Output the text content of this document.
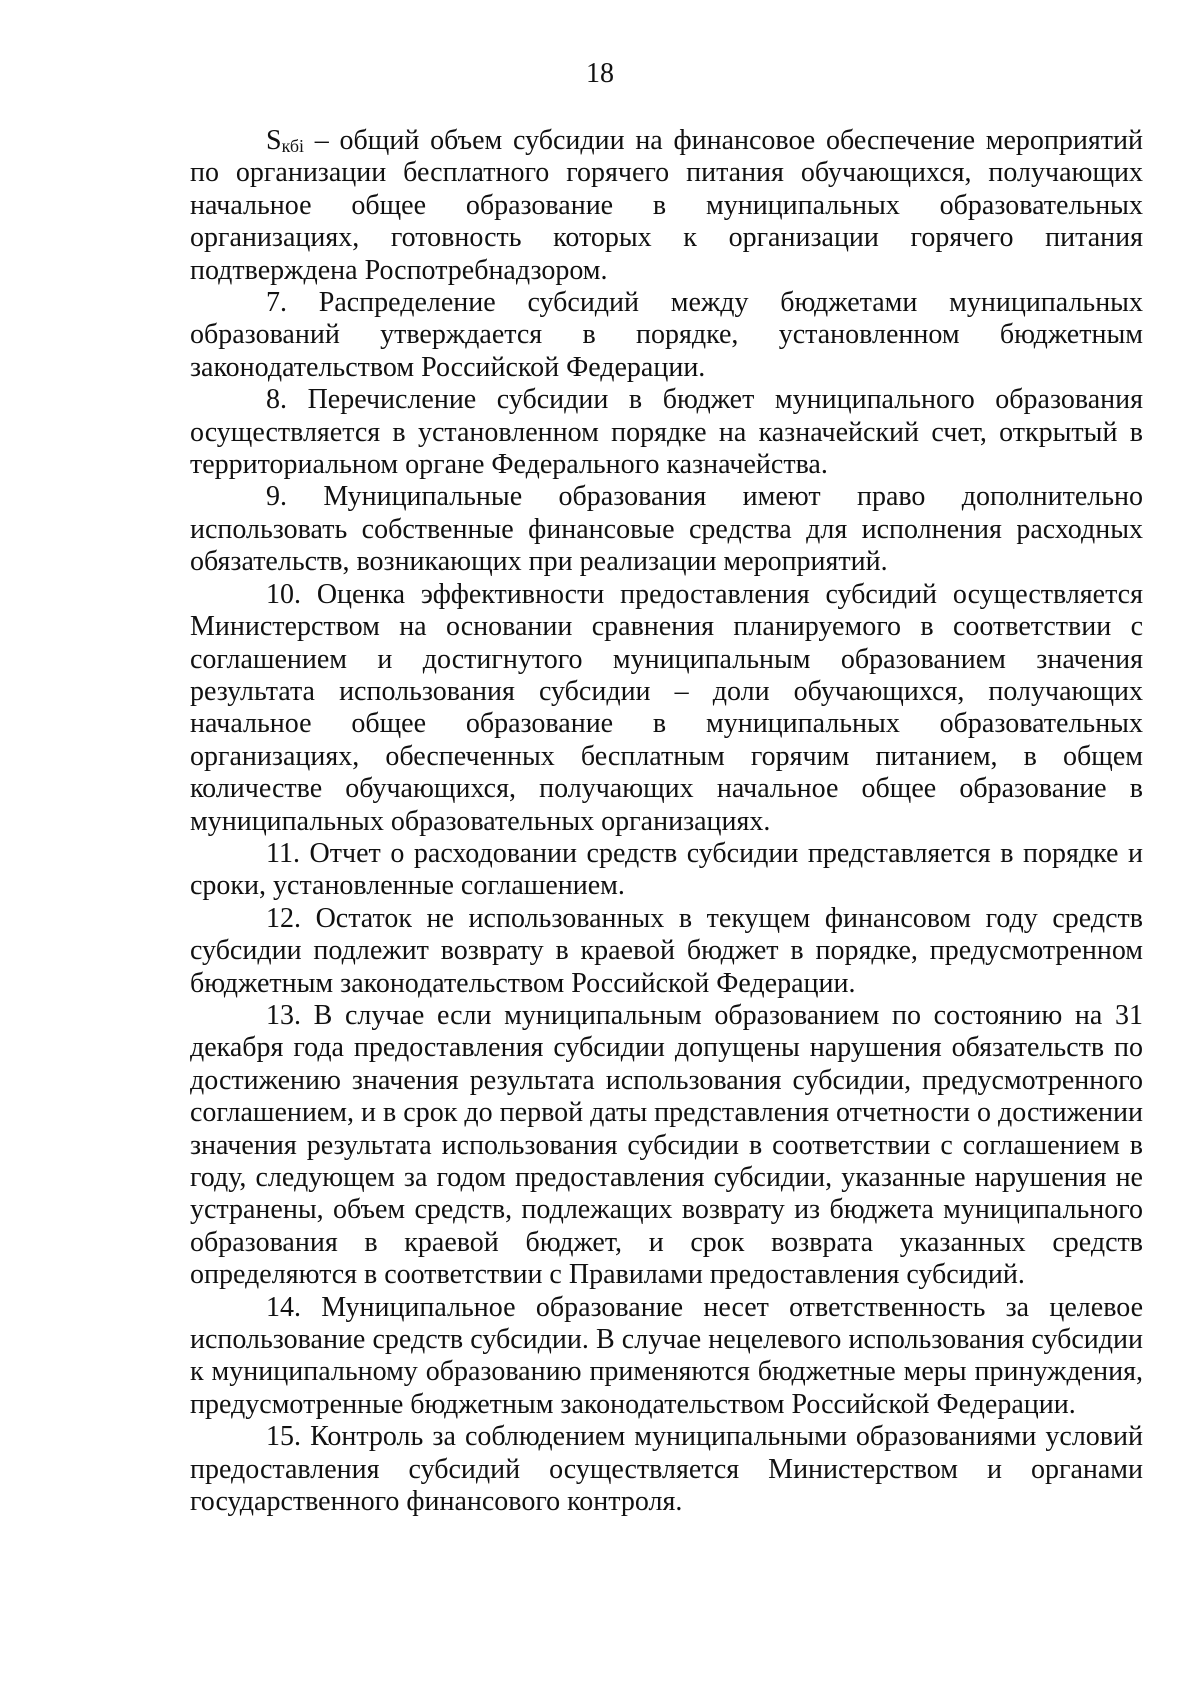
18

Sкбi – общий объем субсидии на финансовое обеспечение мероприятий по организации бесплатного горячего питания обучающихся, получающих начальное общее образование в муниципальных образовательных организациях, готовность которых к организации горячего питания подтверждена Роспотребнадзором.

7. Распределение субсидий между бюджетами муниципальных образований утверждается в порядке, установленном бюджетным законодательством Российской Федерации.

8. Перечисление субсидии в бюджет муниципального образования осуществляется в установленном порядке на казначейский счет, открытый в территориальном органе Федерального казначейства.

9. Муниципальные образования имеют право дополнительно использовать собственные финансовые средства для исполнения расходных обязательств, возникающих при реализации мероприятий.

10. Оценка эффективности предоставления субсидий осуществляется Министерством на основании сравнения планируемого в соответствии с соглашением и достигнутого муниципальным образованием значения результата использования субсидии – доли обучающихся, получающих начальное общее образование в муниципальных образовательных организациях, обеспеченных бесплатным горячим питанием, в общем количестве обучающихся, получающих начальное общее образование в муниципальных образовательных организациях.

11. Отчет о расходовании средств субсидии представляется в порядке и сроки, установленные соглашением.

12. Остаток не использованных в текущем финансовом году средств субсидии подлежит возврату в краевой бюджет в порядке, предусмотренном бюджетным законодательством Российской Федерации.

13. В случае если муниципальным образованием по состоянию на 31 декабря года предоставления субсидии допущены нарушения обязательств по достижению значения результата использования субсидии, предусмотренного соглашением, и в срок до первой даты представления отчетности о достижении значения результата использования субсидии в соответствии с соглашением в году, следующем за годом предоставления субсидии, указанные нарушения не устранены, объем средств, подлежащих возврату из бюджета муниципального образования в краевой бюджет, и срок возврата указанных средств определяются в соответствии с Правилами предоставления субсидий.

14. Муниципальное образование несет ответственность за целевое использование средств субсидии. В случае нецелевого использования субсидии к муниципальному образованию применяются бюджетные меры принуждения, предусмотренные бюджетным законодательством Российской Федерации.

15. Контроль за соблюдением муниципальными образованиями условий предоставления субсидий осуществляется Министерством и органами государственного финансового контроля.
